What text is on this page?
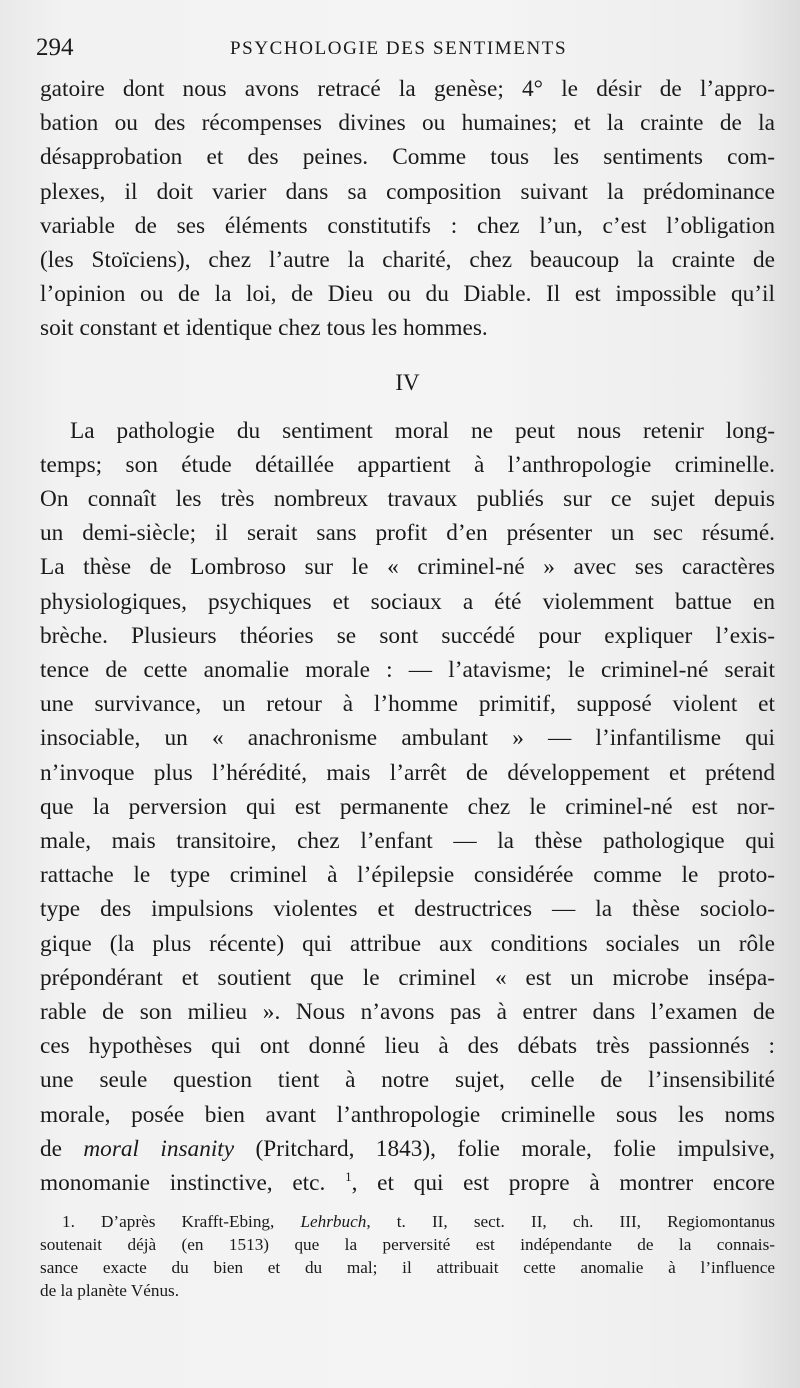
294	PSYCHOLOGIE DES SENTIMENTS

gatoire dont nous avons retracé la genèse; 4° le désir de l’appro-
bation ou des récompenses divines ou humaines; et la crainte de la
désapprobation et des peines. Comme tous les sentiments com-
plexes, il doit varier dans sa composition suivant la prédominance
variable de ses éléments constitutifs : chez l’un, c’est l’obligation
(les Stoïciens), chez l’autre la charité, chez beaucoup la crainte de
l’opinion ou de la loi, de Dieu ou du Diable. Il est impossible qu’il
soit constant et identique chez tous les hommes.

IV

La pathologie du sentiment moral ne peut nous retenir long-
temps; son étude détaillée appartient à l’anthropologie criminelle.
On connaît les très nombreux travaux publiés sur ce sujet depuis
un demi-siècle; il serait sans profit d’en présenter un sec résumé.
La thèse de Lombroso sur le « criminel-né » avec ses caractères
physiologiques, psychiques et sociaux a été violemment battue en
brèche. Plusieurs théories se sont succédé pour expliquer l’exis-
tence de cette anomalie morale : — l’atavisme; le criminel-né serait
une survivance, un retour à l’homme primitif, supposé violent et
insociable, un « anachronisme ambulant » — l’infantilisme qui
n’invoque plus l’hérédité, mais l’arrêt de développement et prétend
que la perversion qui est permanente chez le criminel-né est nor-
male, mais transitoire, chez l’enfant — la thèse pathologique qui
rattache le type criminel à l’épilepsie considérée comme le proto-
type des impulsions violentes et destructrices — la thèse sociolo-
gique (la plus récente) qui attribue aux conditions sociales un rôle
prépondérant et soutient que le criminel « est un microbe insépa-
rable de son milieu ». Nous n’avons pas à entrer dans l’examen de
ces hypothèses qui ont donné lieu à des débats très passionnés :
une seule question tient à notre sujet, celle de l’insensibilité
morale, posée bien avant l’anthropologie criminelle sous les noms
de moral insanity (Pritchard, 1843), folie morale, folie impulsive,
monomanie instinctive, etc. $^1$, et qui est propre à montrer encore

1. D’après Krafft-Ebing, Lehrbuch, t. II, sect. II, ch. III, Regiomontanus
soutenait déjà (en 1513) que la perversité est indépendante de la connais-
sance exacte du bien et du mal; il attribuait cette anomalie à l’influence
de la planète Vénus.
